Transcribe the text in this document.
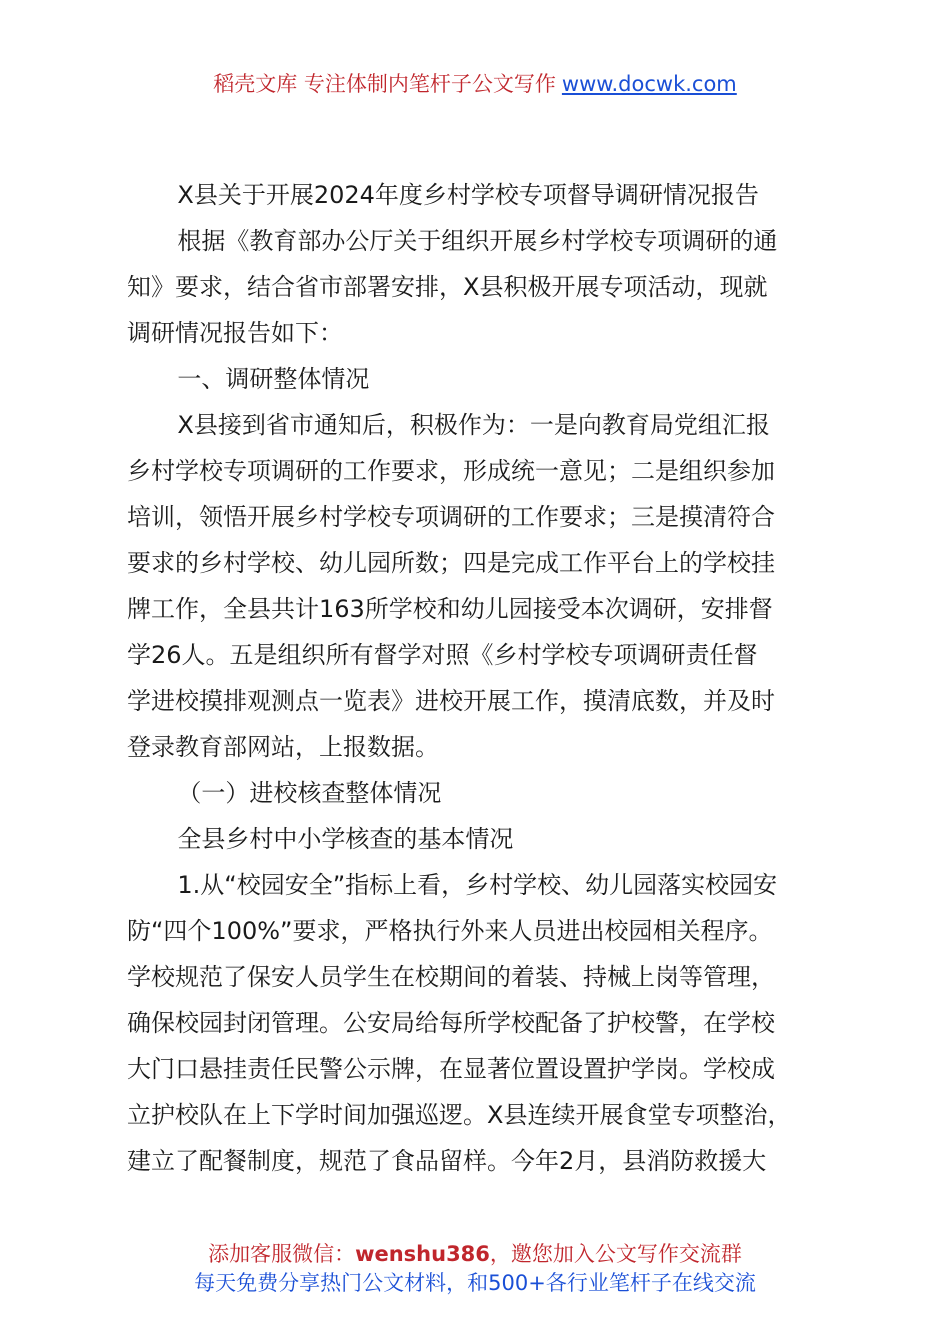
稻壳文库 专注体制内笔杆子公文写作 www.docwk.com

X县关于开展2024年度乡村学校专项督导调研情况报告

根据《教育部办公厅关于组织开展乡村学校专项调研的通

知》要求，结合省市部署安排，X县积极开展专项活动，现就

调研情况报告如下：

一、调研整体情况

X县接到省市通知后，积极作为：一是向教育局党组汇报

乡村学校专项调研的工作要求，形成统一意见；二是组织参加

培训，领悟开展乡村学校专项调研的工作要求；三是摸清符合

要求的乡村学校、幼儿园所数；四是完成工作平台上的学校挂

牌工作，全县共计163所学校和幼儿园接受本次调研，安排督

学26人。五是组织所有督学对照《乡村学校专项调研责任督

学进校摸排观测点一览表》进校开展工作，摸清底数，并及时

登录教育部网站，上报数据。

（一）进校核查整体情况

全县乡村中小学核查的基本情况

1.从“校园安全”指标上看，乡村学校、幼儿园落实校园安

防“四个100%”要求，严格执行外来人员进出校园相关程序。

学校规范了保安人员学生在校期间的着装、持械上岗等管理，

确保校园封闭管理。公安局给每所学校配备了护校警，在学校

大门口悬挂责任民警公示牌，在显著位置设置护学岗。学校成

立护校队在上下学时间加强巡逻。X县连续开展食堂专项整治，

建立了配餐制度，规范了食品留样。今年2月，县消防救援大

添加客服微信：wenshu386，邀您加入公文写作交流群
每天免费分享热门公文材料，和500+各行业笔杆子在线交流
